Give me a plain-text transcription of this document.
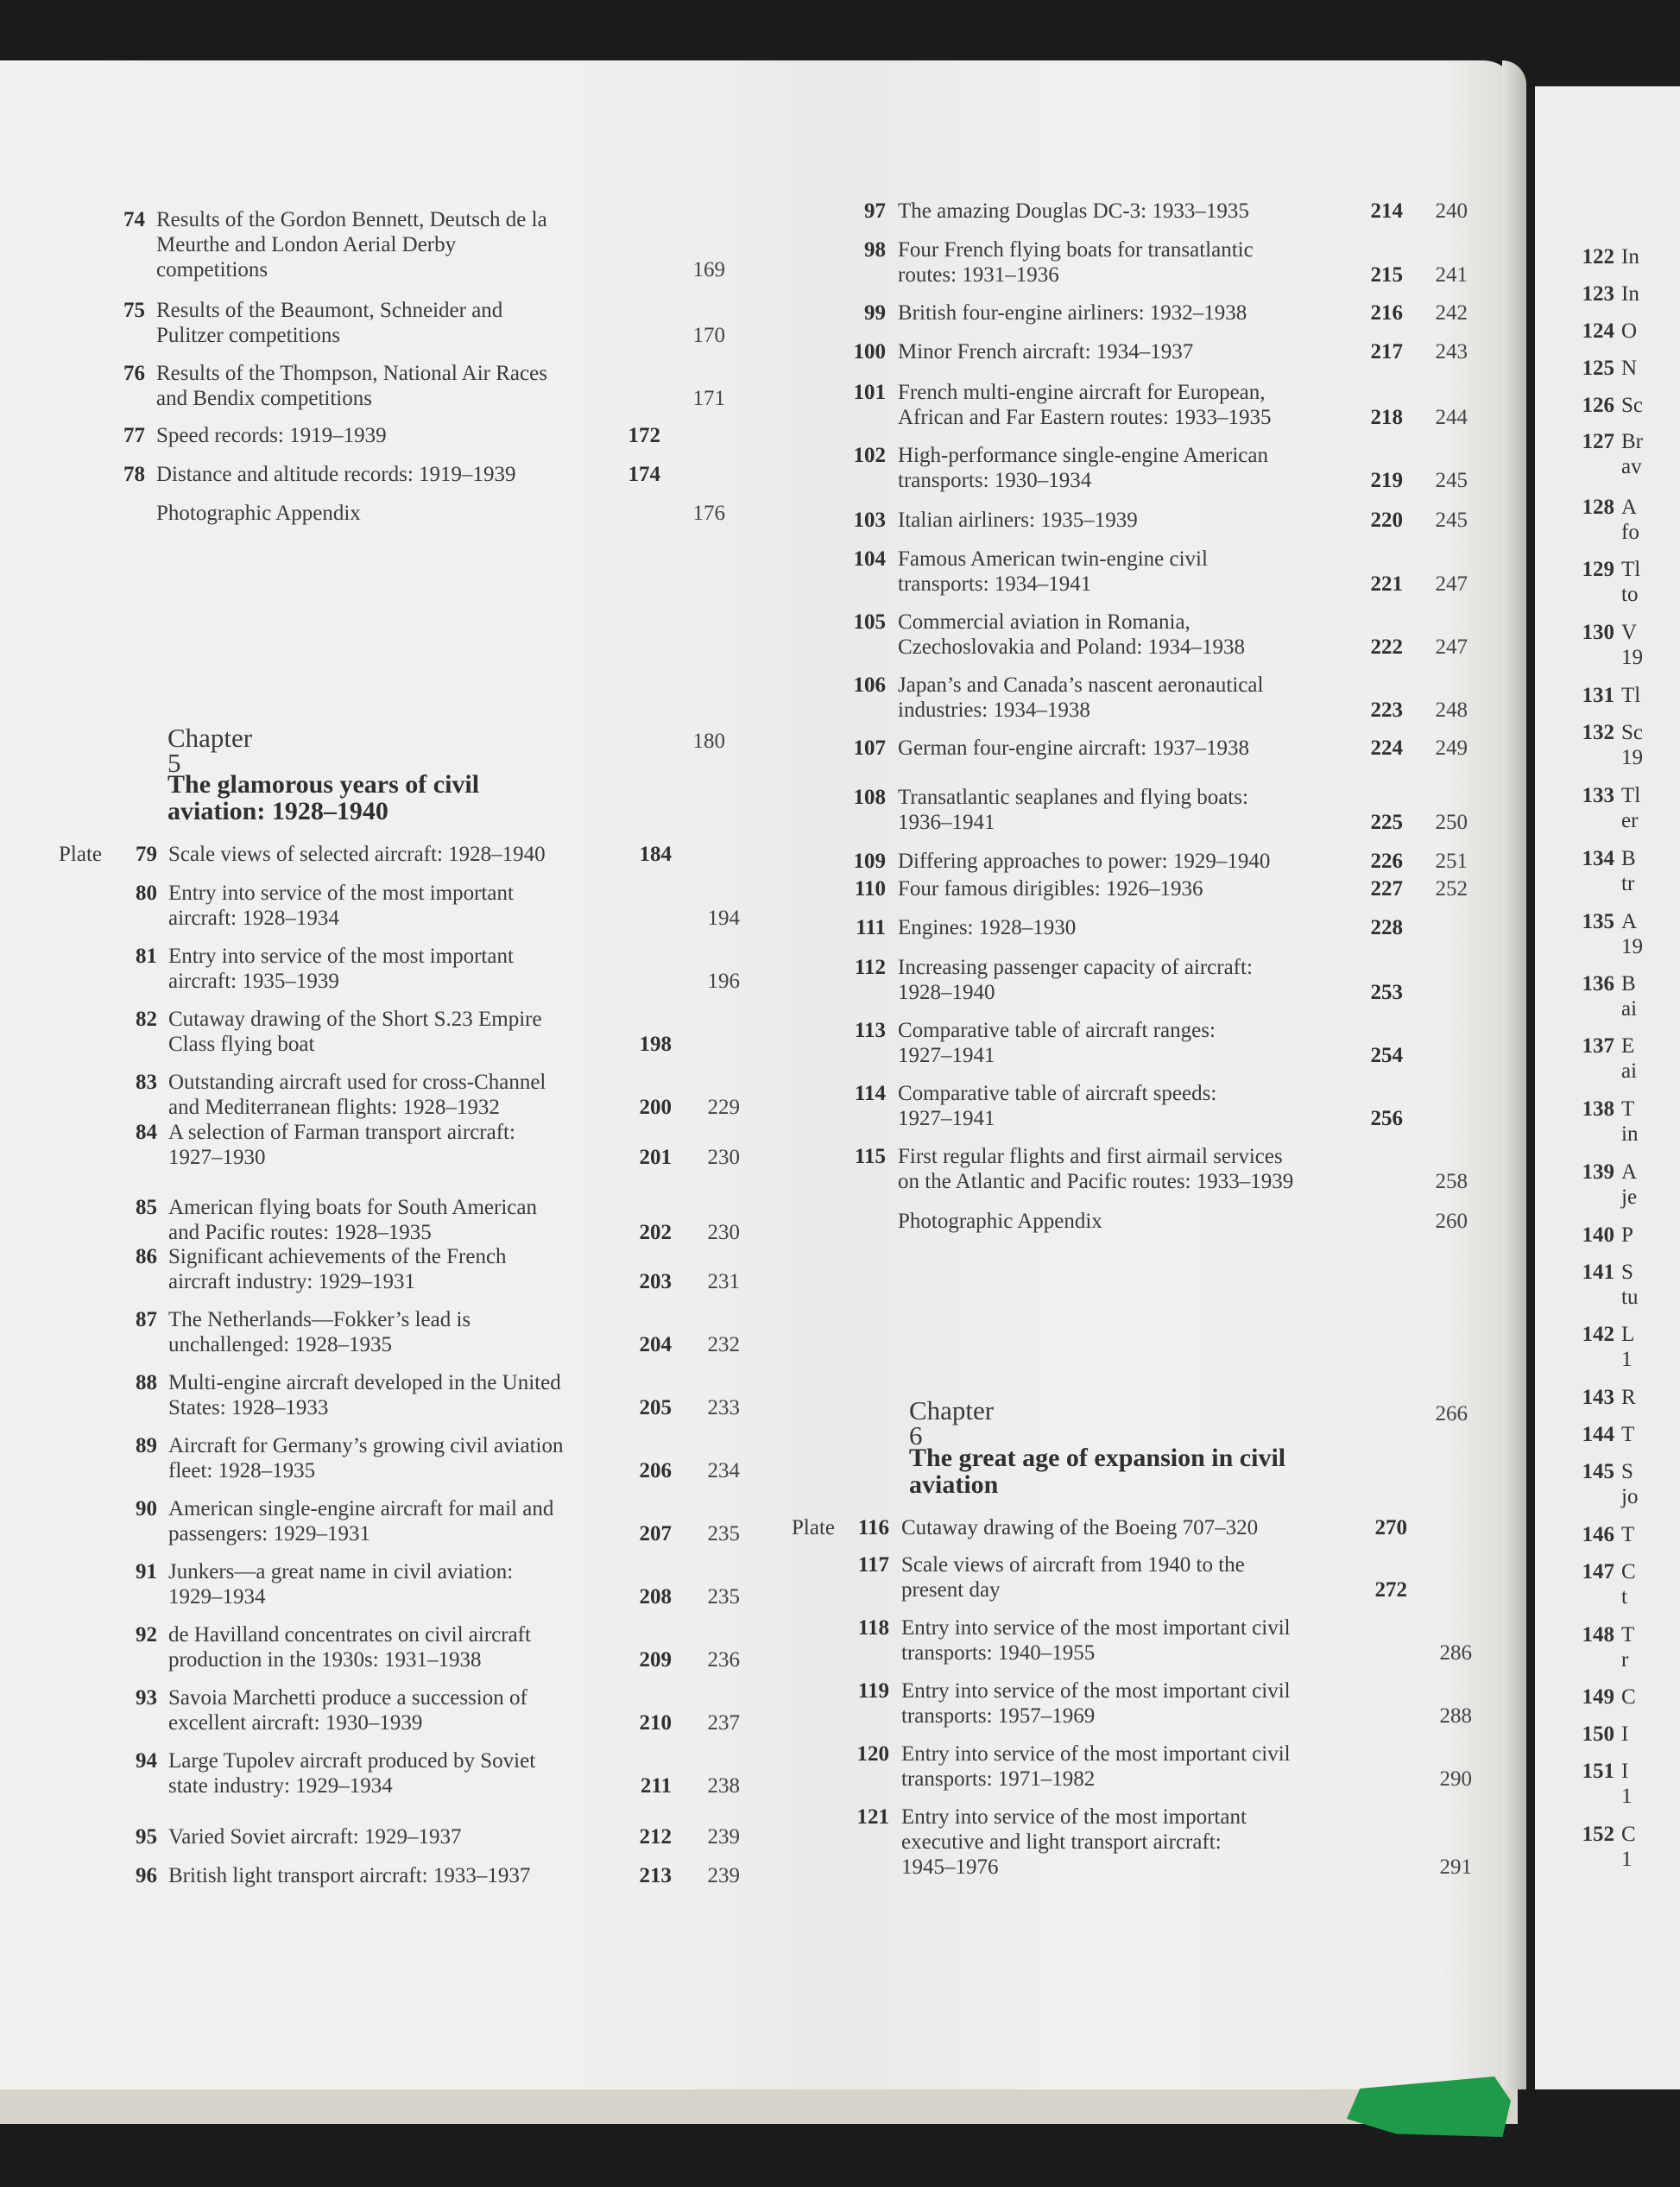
74 Results of the Gordon Bennett, Deutsch de la
Meurthe and London Aerial Derby
competitions	169
75 Results of the Beaumont, Schneider and
Pulitzer competitions	170
76 Results of the Thompson, National Air Races
and Bendix competitions	171
77 Speed records: 1919–1939	172
78 Distance and altitude records: 1919–1939	174
Photographic Appendix	176
Chapter 5
180
The glamorous years of civil
aviation: 1928–1940
Plate	79 Scale views of selected aircraft: 1928–1940	184
80 Entry into service of the most important
aircraft: 1928–1934	194
81 Entry into service of the most important
aircraft: 1935–1939	196
82 Cutaway drawing of the Short S.23 Empire
Class flying boat	198
83 Outstanding aircraft used for cross-Channel
and Mediterranean flights: 1928–1932	200	229
84 A selection of Farman transport aircraft:
1927–1930	201	230
85 American flying boats for South American
and Pacific routes: 1928–1935	202	230
86 Significant achievements of the French
aircraft industry: 1929–1931	203	231
87 The Netherlands—Fokker’s lead is
unchallenged: 1928–1935	204	232
88 Multi-engine aircraft developed in the United
States: 1928–1933	205	233
89 Aircraft for Germany’s growing civil aviation
fleet: 1928–1935	206	234
90 American single-engine aircraft for mail and
passengers: 1929–1931	207	235
91 Junkers—a great name in civil aviation:
1929–1934	208	235
92 de Havilland concentrates on civil aircraft
production in the 1930s: 1931–1938	209	236
93 Savoia Marchetti produce a succession of
excellent aircraft: 1930–1939	210	237
94 Large Tupolev aircraft produced by Soviet
state industry: 1929–1934	211	238
95 Varied Soviet aircraft: 1929–1937	212	239
96 British light transport aircraft: 1933–1937	213	239
97 The amazing Douglas DC-3: 1933–1935	214	240
98 Four French flying boats for transatlantic
routes: 1931–1936	215	241
99 British four-engine airliners: 1932–1938	216	242
100 Minor French aircraft: 1934–1937	217	243
101 French multi-engine aircraft for European,
African and Far Eastern routes: 1933–1935	218	244
102 High-performance single-engine American
transports: 1930–1934	219	245
103 Italian airliners: 1935–1939	220	245
104 Famous American twin-engine civil
transports: 1934–1941	221	247
105 Commercial aviation in Romania,
Czechoslovakia and Poland: 1934–1938	222	247
106 Japan’s and Canada’s nascent aeronautical
industries: 1934–1938	223	248
107 German four-engine aircraft: 1937–1938	224	249
108 Transatlantic seaplanes and flying boats:
1936–1941	225	250
109 Differing approaches to power: 1929–1940	226	251
110 Four famous dirigibles: 1926–1936	227	252
111 Engines: 1928–1930	228
112 Increasing passenger capacity of aircraft:
1928–1940	253
113 Comparative table of aircraft ranges:
1927–1941	254
114 Comparative table of aircraft speeds:
1927–1941	256
115 First regular flights and first airmail services
on the Atlantic and Pacific routes: 1933–1939	258
Photographic Appendix	260
Chapter 6
266
The great age of expansion in civil
aviation
Plate	116 Cutaway drawing of the Boeing 707–320	270
117 Scale views of aircraft from 1940 to the
present day	272
118 Entry into service of the most important civil
transports: 1940–1955	286
119 Entry into service of the most important civil
transports: 1957–1969	288
120 Entry into service of the most important civil
transports: 1971–1982	290
121 Entry into service of the most important
executive and light transport aircraft:
1945–1976	291
122 In
123 In
124 O
125 N
126 Sc
127 Br
av
128 A
fo
129 Tl
to
130 V
19
131 Tl
132 Sc
19
133 Tl
er
134 B
tr
135 A
19
136 B
ai
137 E
ai
138 T
in
139 A
je
140 P
141 S
tu
142 L
1
143 R
144 T
145 S
jo
146 T
147 C
t
148 T
r
149 C
150 I
151 I
1
152 C
1
